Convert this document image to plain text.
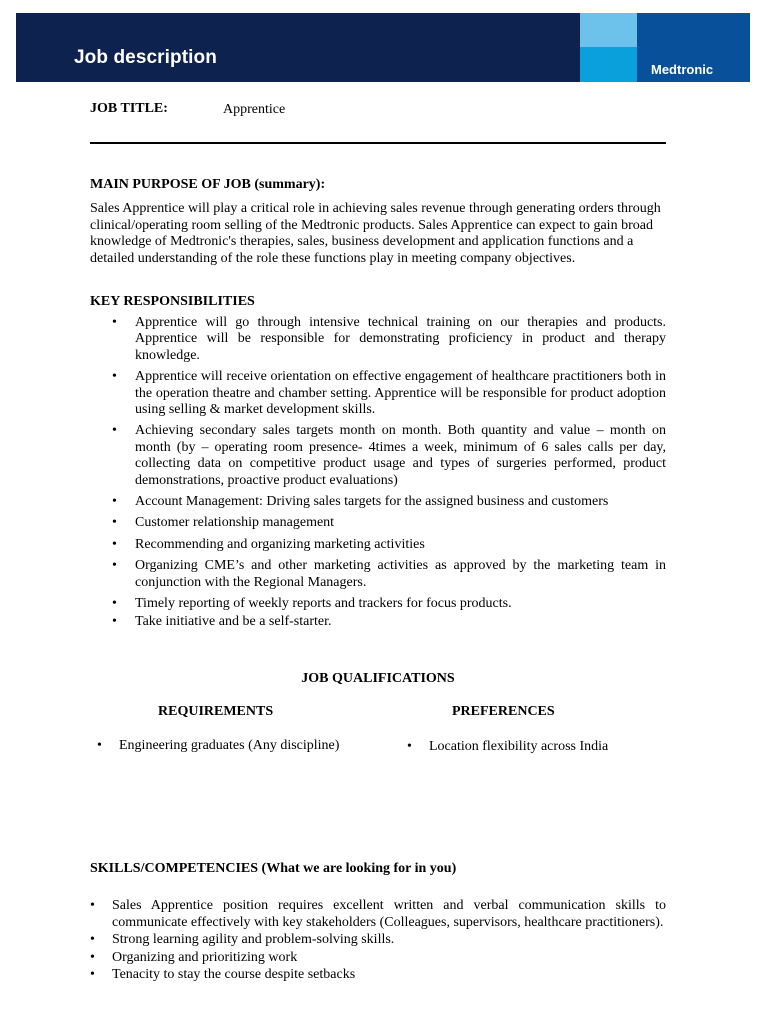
Job description
Medtronic
JOB TITLE:	Apprentice
MAIN PURPOSE OF JOB (summary):
Sales Apprentice will play a critical role in achieving sales revenue through generating orders through clinical/operating room selling of the Medtronic products. Sales Apprentice can expect to gain broad knowledge of Medtronic's therapies, sales, business development and application functions and a detailed understanding of the role these functions play in meeting company objectives.
KEY RESPONSIBILITIES
• Apprentice will go through intensive technical training on our therapies and products. Apprentice will be responsible for demonstrating proficiency in product and therapy knowledge.
• Apprentice will receive orientation on effective engagement of healthcare practitioners both in the operation theatre and chamber setting. Apprentice will be responsible for product adoption using selling & market development skills.
• Achieving secondary sales targets month on month. Both quantity and value – month on month (by – operating room presence- 4times a week, minimum of 6 sales calls per day, collecting data on competitive product usage and types of surgeries performed, product demonstrations, proactive product evaluations)
• Account Management: Driving sales targets for the assigned business and customers
• Customer relationship management
• Recommending and organizing marketing activities
• Organizing CME’s and other marketing activities as approved by the marketing team in conjunction with the Regional Managers.
• Timely reporting of weekly reports and trackers for focus products.
• Take initiative and be a self-starter.
JOB QUALIFICATIONS
REQUIREMENTS	PREFERENCES
• Engineering graduates (Any discipline)	• Location flexibility across India
SKILLS/COMPETENCIES (What we are looking for in you)
• Sales Apprentice position requires excellent written and verbal communication skills to communicate effectively with key stakeholders (Colleagues, supervisors, healthcare practitioners).
• Strong learning agility and problem-solving skills.
• Organizing and prioritizing work
• Tenacity to stay the course despite setbacks
